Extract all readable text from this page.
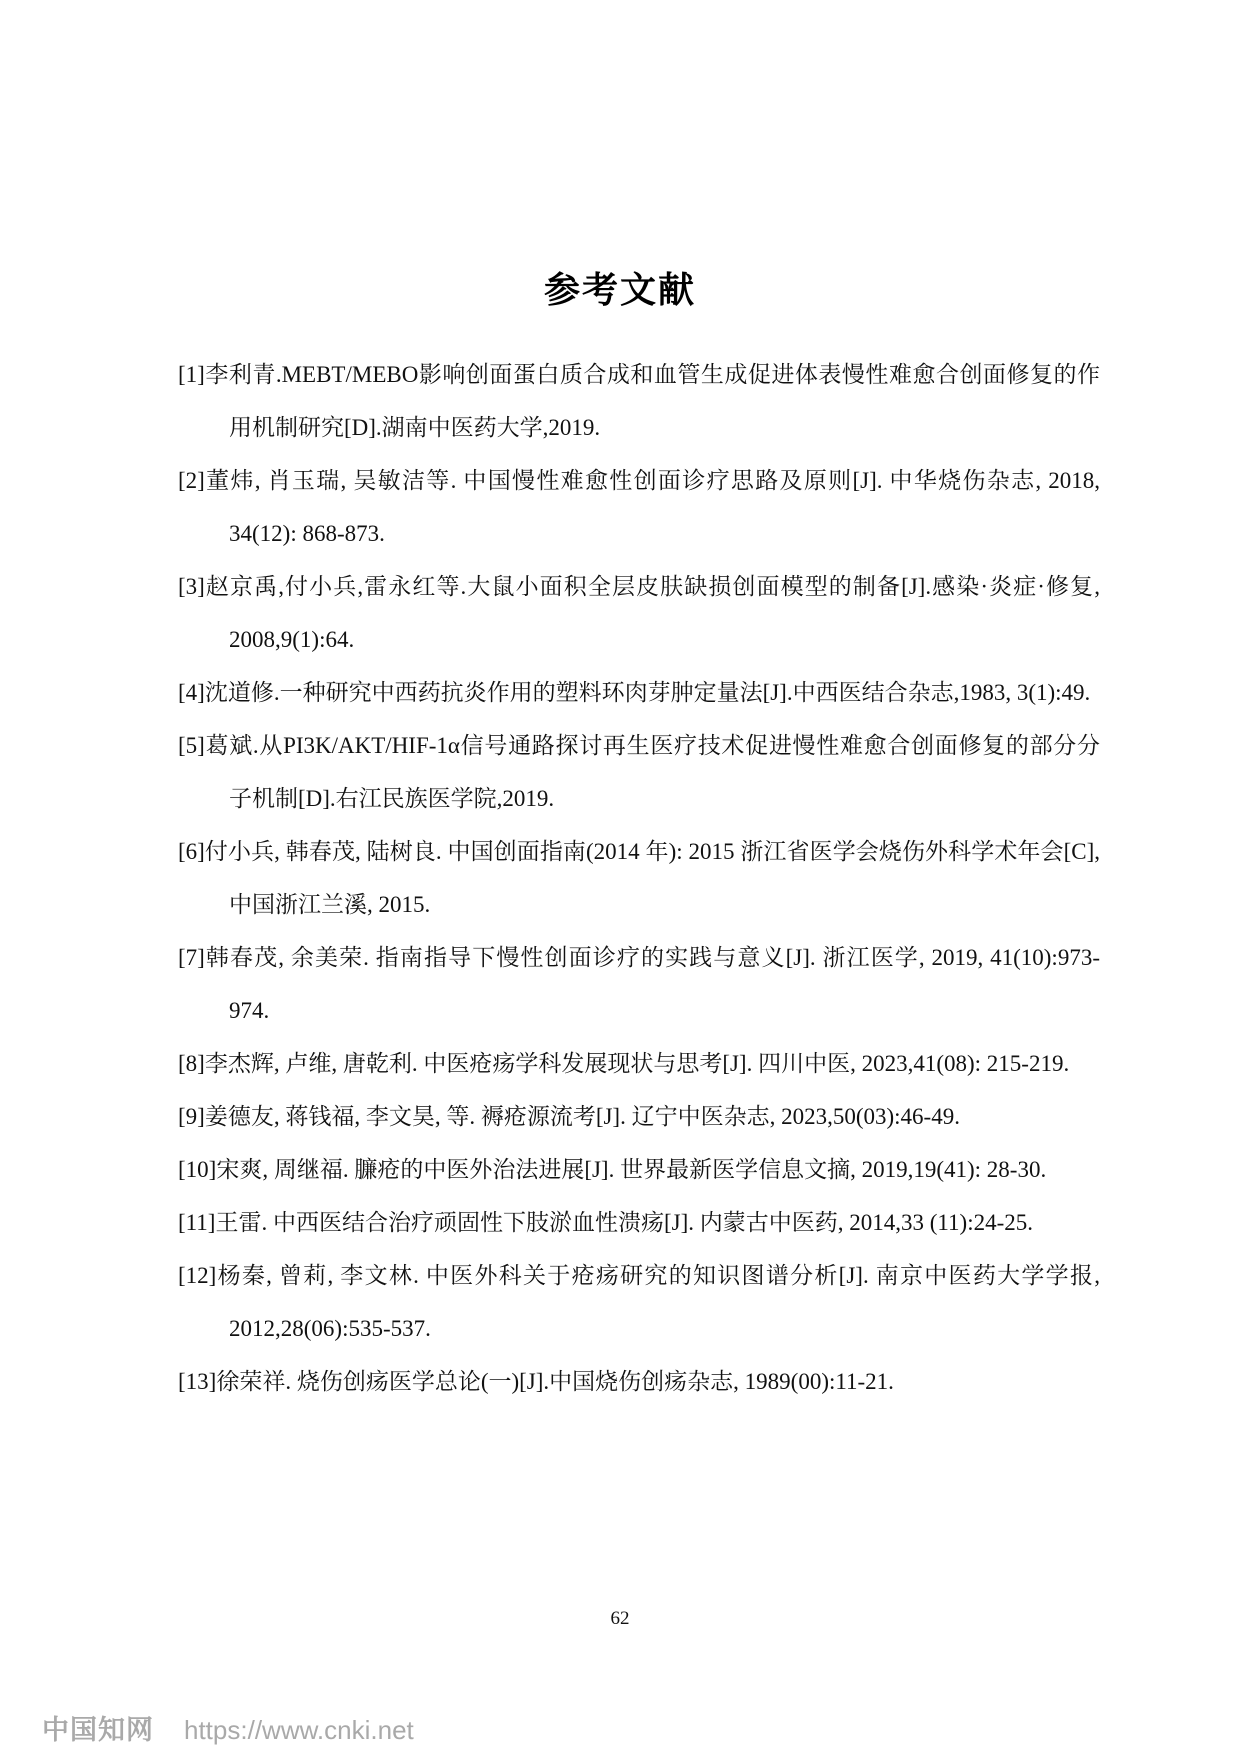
参考文献
[1]李利青.MEBT/MEBO影响创面蛋白质合成和血管生成促进体表慢性难愈合创面修复的作用机制研究[D].湖南中医药大学,2019.
[2]董炜, 肖玉瑞, 吴敏洁等. 中国慢性难愈性创面诊疗思路及原则[J]. 中华烧伤杂志, 2018, 34(12): 868-873.
[3]赵京禹,付小兵,雷永红等.大鼠小面积全层皮肤缺损创面模型的制备[J].感染·炎症·修复, 2008,9(1):64.
[4]沈道修.一种研究中西药抗炎作用的塑料环肉芽肿定量法[J].中西医结合杂志,1983, 3(1):49.
[5]葛斌.从PI3K/AKT/HIF-1α信号通路探讨再生医疗技术促进慢性难愈合创面修复的部分分子机制[D].右江民族医学院,2019.
[6]付小兵, 韩春茂, 陆树良. 中国创面指南(2014 年): 2015 浙江省医学会烧伤外科学术年会[C], 中国浙江兰溪, 2015.
[7]韩春茂, 余美荣. 指南指导下慢性创面诊疗的实践与意义[J]. 浙江医学, 2019, 41(10):973-974.
[8]李杰辉, 卢维, 唐乾利. 中医疮疡学科发展现状与思考[J]. 四川中医, 2023,41(08): 215-219.
[9]姜德友, 蒋钱福, 李文昊, 等. 褥疮源流考[J]. 辽宁中医杂志, 2023,50(03):46-49.
[10]宋爽, 周继福. 臁疮的中医外治法进展[J]. 世界最新医学信息文摘, 2019,19(41): 28-30.
[11]王雷. 中西医结合治疗顽固性下肢淤血性溃疡[J]. 内蒙古中医药, 2014,33 (11):24-25.
[12]杨秦, 曾莉, 李文林. 中医外科关于疮疡研究的知识图谱分析[J]. 南京中医药大学学报, 2012,28(06):535-537.
[13]徐荣祥. 烧伤创疡医学总论(一)[J].中国烧伤创疡杂志, 1989(00):11-21.
62
中国知网 https://www.cnki.net
